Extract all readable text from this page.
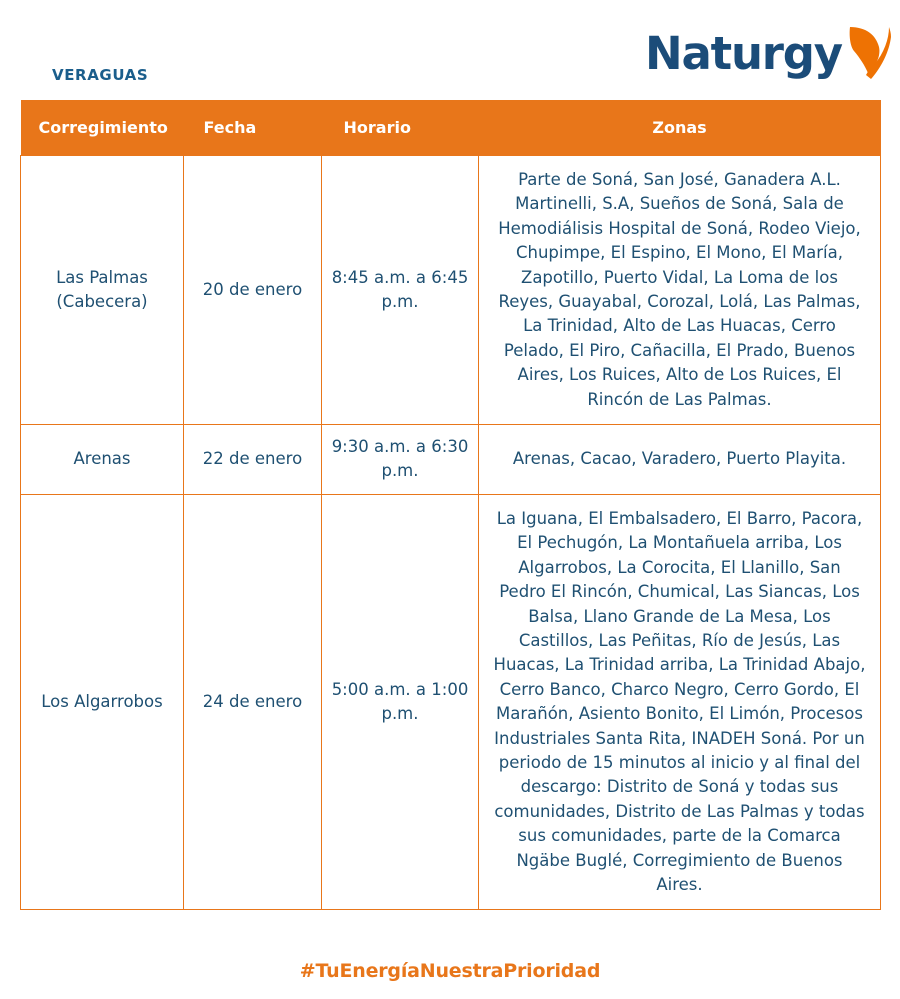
Naturgy
VERAGUAS
Corregimiento	Fecha	Horario	Zonas
Las Palmas (Cabecera)	20 de enero	8:45 a.m. a 6:45 p.m.	Parte de Soná, San José, Ganadera A.L. Martinelli, S.A, Sueños de Soná, Sala de Hemodiálisis Hospital de Soná, Rodeo Viejo, Chupimpe, El Espino, El Mono, El María, Zapotillo, Puerto Vidal, La Loma de los Reyes, Guayabal, Corozal, Lolá, Las Palmas, La Trinidad, Alto de Las Huacas, Cerro Pelado, El Piro, Cañacilla, El Prado, Buenos Aires, Los Ruices, Alto de Los Ruices, El Rincón de Las Palmas.
Arenas	22 de enero	9:30 a.m. a 6:30 p.m.	Arenas, Cacao, Varadero, Puerto Playita.
Los Algarrobos	24 de enero	5:00 a.m. a 1:00 p.m.	La Iguana, El Embalsadero, El Barro, Pacora, El Pechugón, La Montañuela arriba, Los Algarrobos, La Corocita, El Llanillo, San Pedro El Rincón, Chumical, Las Siancas, Los Balsa, Llano Grande de La Mesa, Los Castillos, Las Peñitas, Río de Jesús, Las Huacas, La Trinidad arriba, La Trinidad Abajo, Cerro Banco, Charco Negro, Cerro Gordo, El Marañón, Asiento Bonito, El Limón, Procesos Industriales Santa Rita, INADEH Soná. Por un periodo de 15 minutos al inicio y al final del descargo: Distrito de Soná y todas sus comunidades, Distrito de Las Palmas y todas sus comunidades, parte de la Comarca Ngäbe Buglé, Corregimiento de Buenos Aires.
#TuEnergíaNuestraPrioridad
